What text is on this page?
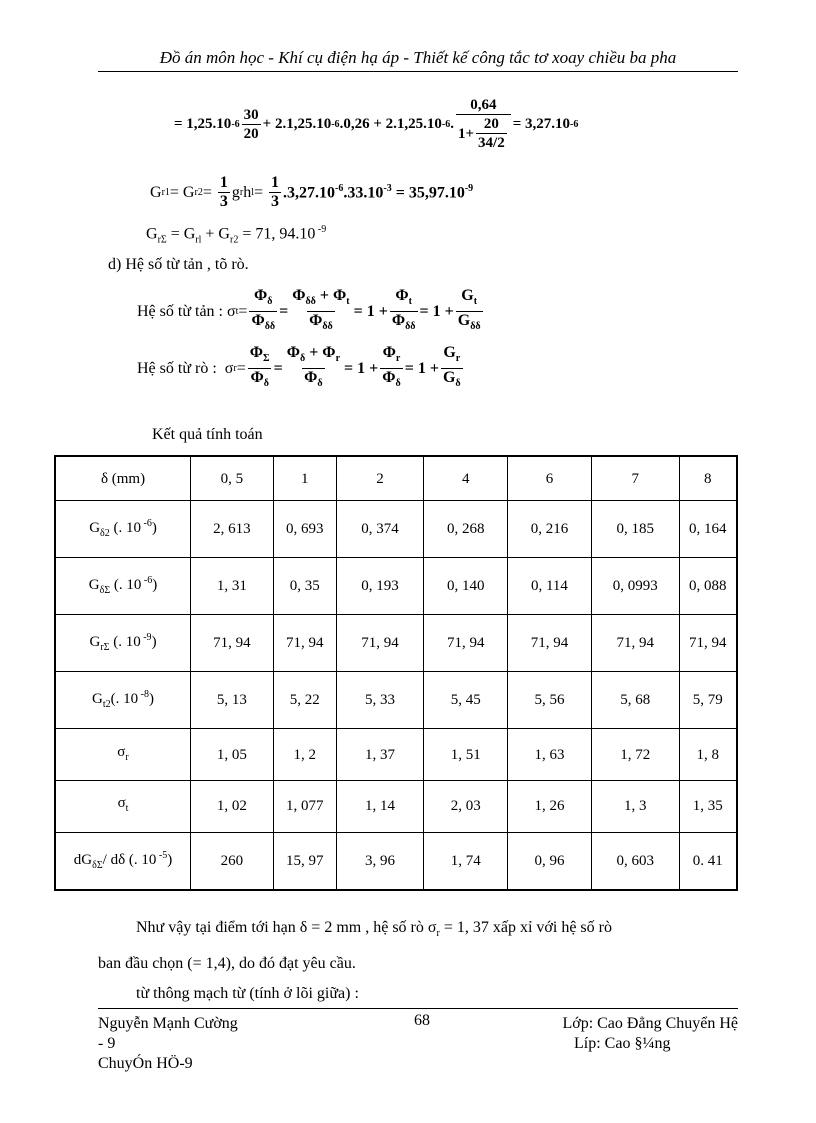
Đồ án môn học - Khí cụ điện hạ áp - Thiết kế công tắc tơ xoay chiều ba pha
= 1,25.10 $-6 \frac{30}{20} + 2.1,25.10$ -6 .0,26 + 2.1,25.10 -6 . $\frac{0,64}{1+ \frac{20}{34/2}} = 3,27.10$ -6
G r1 = G r2 =
$\frac{1}{3}$ g r h l =
$\frac{1}{3} .3,27.10^{-6}.33.10^{-3} = 35,97.10^{-9}$
$G_{r\Sigma} = G_{rl} + G_{r2} = 71$, 94.10 $^{-9}$
d) Hệ số từ tản , tõ rò.
Hệ số từ tản :
σ $t = \frac{\Phi_\delta}{\Phi_{\delta\delta}} = \frac{\Phi_{\delta\delta} + \Phi_t}{\Phi_{\delta\delta}} = 1 + \frac{\Phi_t}{\Phi_{\delta\delta}} = 1 + \frac{G_t}{G_{\delta\delta}}$
Hệ số từ rò :
σ $r = \frac{\Phi_\Sigma}{\Phi_\delta} = \frac{\Phi_\delta + \Phi_r}{\Phi_\delta} = 1 + \frac{\Phi_r}{\Phi_\delta} = 1 + \frac{G_r}{G_\delta}$
Kết quả tính toán
δ (mm)	0, 5	1	2	4	6	7	8
$G_{\delta 2}$ (. 10 $^{-6}$)	2, 613	0, 693	0, 374	0, 268	0, 216	0, 185	0, 164
$G_{\delta\Sigma}$ (. 10 $^{-6}$)	1, 31	0, 35	0, 193	0, 140	0, 114	0, 0993	0, 088
$G_{r\Sigma}$ (. 10 $^{-9}$)	71, 94	71, 94	71, 94	71, 94	71, 94	71, 94	71, 94
$G_{t2}$(. 10 $^{-8}$)	5, 13	5, 22	5, 33	5, 45	5, 56	5, 68	5, 79
$\sigma_r$	1, 05	1, 2	1, 37	1, 51	1, 63	1, 72	1, 8
$\sigma_t$	1, 02	1, 077	1, 14	2, 03	1, 26	1, 3	1, 35
$dG_{\delta\Sigma}/$ dδ (. 10 $^{-5}$)	260	15, 97	3, 96	1, 74	0, 96	0, 603	0. 41
Như vậy tại điểm tới hạn δ = 2 mm , hệ số rò $\sigma_r = 1$, 37 xấp xỉ với hệ số rò
ban đầu chọn (= 1,4), do đó đạt yêu cầu.
từ thông mạch từ (tính ở lõi giữa) :
Nguyễn Mạnh Cường
- 9
ChuyÓn HÖ-9
68	Lớp: Cao Đẳng Chuyển Hệ
Líp: Cao §¼ng
